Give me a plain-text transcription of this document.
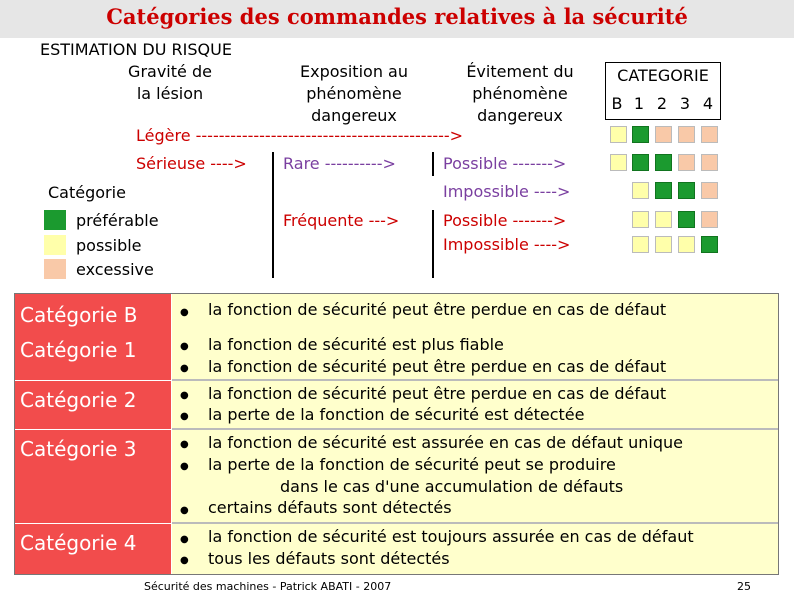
Catégories des commandes relatives à la sécurité
ESTIMATION DU RISQUE
Gravité de
la lésion
Exposition au
phénomène
dangereux
Évitement du
phénomène
dangereux
CATEGORIE
B 1 2 3 4
Légère -------------------------------------------->
Sérieuse ----> Rare ---------->
Fréquente --->
Possible ------->
Impossible ---->
Possible ------->
Impossible ---->
Catégorie
préférable
possible
excessive
Catégorie B
Catégorie 1
Catégorie 2
Catégorie 3
Catégorie 4
●
●
●
●
●
●
●
●
●
●
la fonction de sécurité peut être perdue en cas de défaut
la fonction de sécurité est plus fiable
la fonction de sécurité peut être perdue en cas de défaut
la fonction de sécurité peut être perdue en cas de défaut
la perte de la fonction de sécurité est détectée
la fonction de sécurité est assurée en cas de défaut unique
la perte de la fonction de sécurité peut se produire
dans le cas d'une accumulation de défauts
certains défauts sont détectés
la fonction de sécurité est toujours assurée en cas de défaut
tous les défauts sont détectés
Sécurité des machines - Patrick ABATI - 2007	25
